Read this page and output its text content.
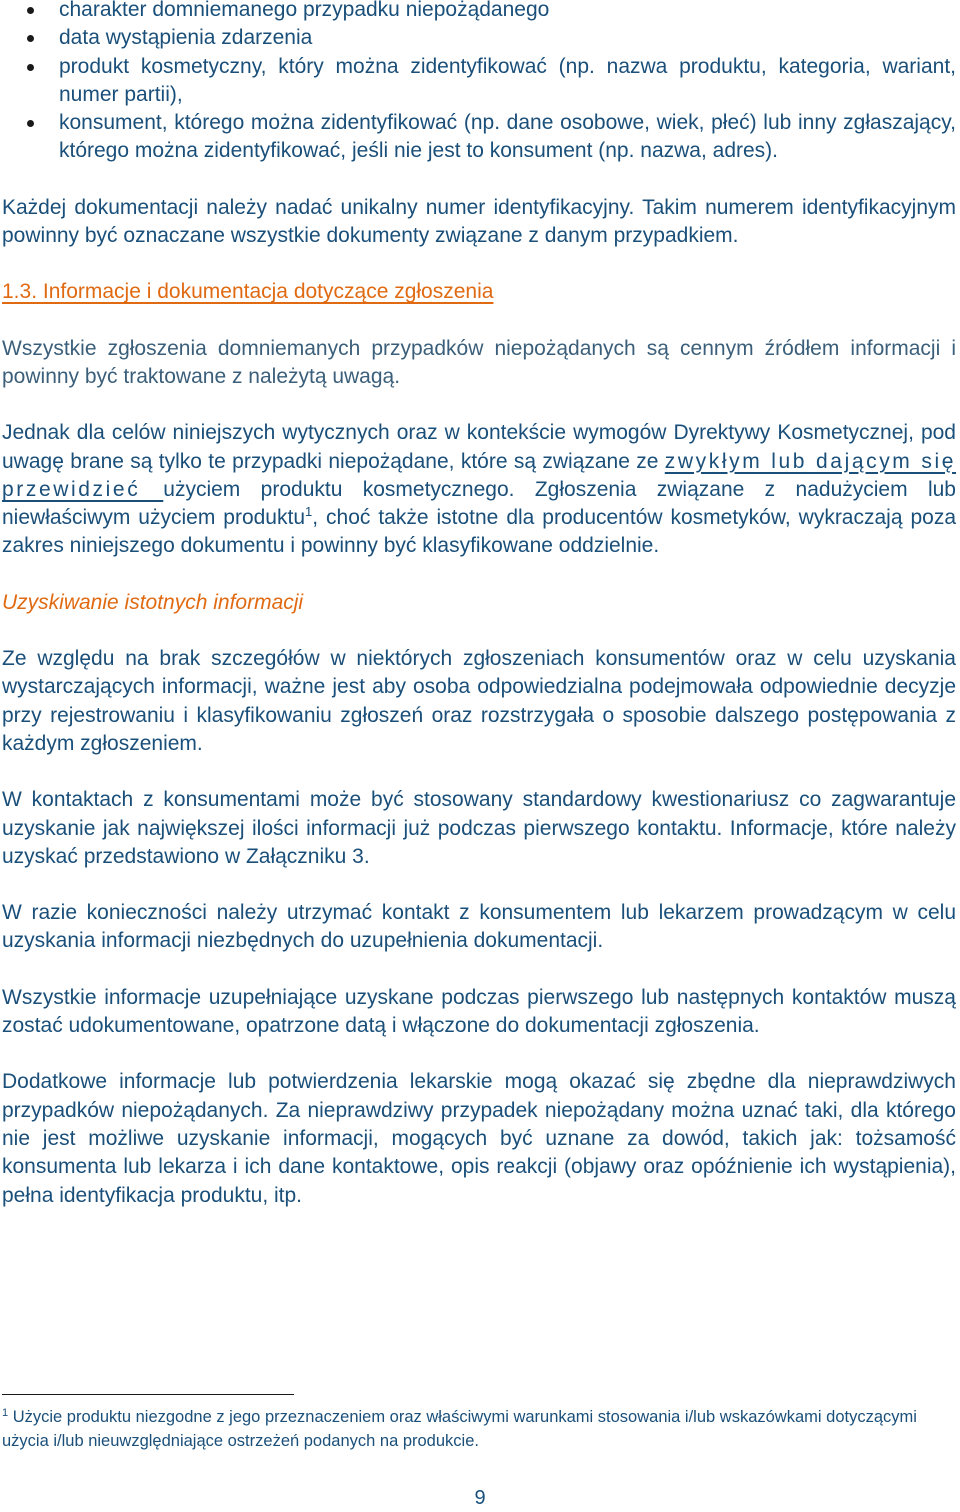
charakter domniemanego przypadku niepożądanego
data wystąpienia zdarzenia
produkt kosmetyczny, który można zidentyfikować (np. nazwa produktu, kategoria, wariant, numer partii),
konsument, którego można zidentyfikować (np. dane osobowe, wiek, płeć) lub inny zgłaszający, którego można zidentyfikować, jeśli nie jest to konsument (np. nazwa, adres).

Każdej dokumentacji należy nadać unikalny numer identyfikacyjny. Takim numerem identyfikacyjnym powinny być oznaczane wszystkie dokumenty związane z danym przypadkiem.

1.3. Informacje i dokumentacja dotyczące zgłoszenia

Wszystkie zgłoszenia domniemanych przypadków niepożądanych są cennym źródłem informacji i powinny być traktowane z należytą uwagą.

Jednak dla celów niniejszych wytycznych oraz w kontekście wymogów Dyrektywy Kosmetycznej, pod uwagę brane są tylko te przypadki niepożądane, które są związane ze zwykłym lub dającym się przewidzieć użyciem produktu kosmetycznego. Zgłoszenia związane z nadużyciem lub niewłaściwym użyciem produktu$^1$, choć także istotne dla producentów kosmetyków, wykraczają poza zakres niniejszego dokumentu i powinny być klasyfikowane oddzielnie.

Uzyskiwanie istotnych informacji

Ze względu na brak szczegółów w niektórych zgłoszeniach konsumentów oraz w celu uzyskania wystarczających informacji, ważne jest aby osoba odpowiedzialna podejmowała odpowiednie decyzje przy rejestrowaniu i klasyfikowaniu zgłoszeń oraz rozstrzygała o sposobie dalszego postępowania z każdym zgłoszeniem.

W kontaktach z konsumentami może być stosowany standardowy kwestionariusz co zagwarantuje uzyskanie jak największej ilości informacji już podczas pierwszego kontaktu. Informacje, które należy uzyskać przedstawiono w Załączniku 3.

W razie konieczności należy utrzymać kontakt z konsumentem lub lekarzem prowadzącym w celu uzyskania informacji niezbędnych do uzupełnienia dokumentacji.

Wszystkie informacje uzupełniające uzyskane podczas pierwszego lub następnych kontaktów muszą zostać udokumentowane, opatrzone datą i włączone do dokumentacji zgłoszenia.

Dodatkowe informacje lub potwierdzenia lekarskie mogą okazać się zbędne dla nieprawdziwych przypadków niepożądanych. Za nieprawdziwy przypadek niepożądany można uznać taki, dla którego nie jest możliwe uzyskanie informacji, mogących być uznane za dowód, takich jak: tożsamość konsumenta lub lekarza i ich dane kontaktowe, opis reakcji (objawy oraz opóźnienie ich wystąpienia), pełna identyfikacja produktu, itp.

$^1$ Użycie produktu niezgodne z jego przeznaczeniem oraz właściwymi warunkami stosowania i/lub wskazówkami dotyczącymi użycia i/lub nieuwzględniające ostrzeżeń podanych na produkcie.
9
